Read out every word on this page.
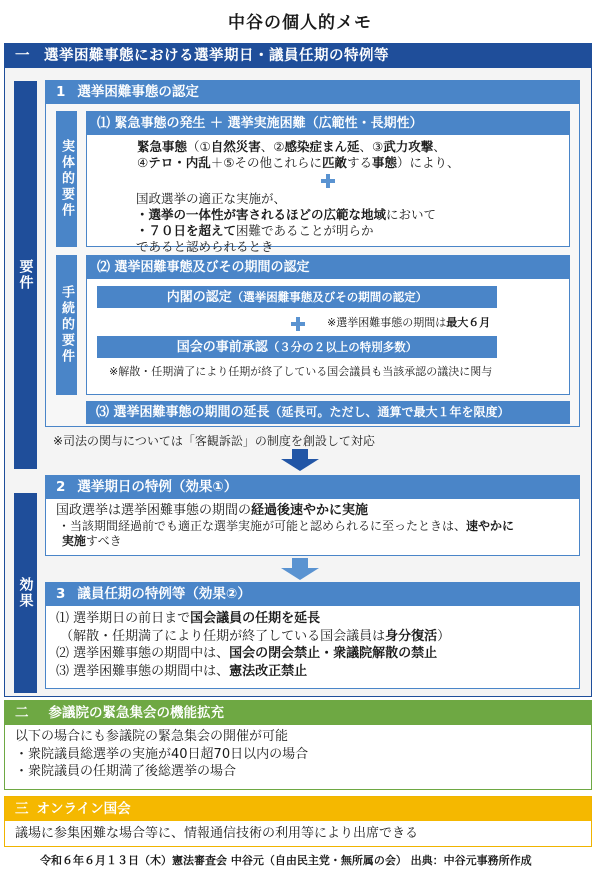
中谷の個人的メモ
一 選挙困難事態における選挙期日・議員任期の特例等
要件
効果
1 選挙困難事態の認定
実体的要件
手続的要件
⑴ 緊急事態の発生 ＋ 選挙実施困難（広範性・長期性）
緊急事態（①自然災害、②感染症まん延、③武力攻撃、
④テロ・内乱＋⑤その他これらに匹敵する事態）により、
国政選挙の適正な実施が、
・選挙の一体性が害されるほどの広範な地域において
・７０日を超えて困難であることが明らか
であると認められるとき
⑵ 選挙困難事態及びその期間の認定
内閣の認定（選挙困難事態及びその期間の認定）
※選挙困難事態の期間は最大６月
国会の事前承認（３分の２以上の特別多数）
※解散・任期満了により任期が終了している国会議員も当該承認の議決に関与
⑶ 選挙困難事態の期間の延長（延長可。ただし、通算で最大１年を限度）
※司法の関与については「客観訴訟」の制度を創設して対応
2 選挙期日の特例（効果①）
国政選挙は選挙困難事態の期間の経過後速やかに実施
・当該期間経過前でも適正な選挙実施が可能と認められるに至ったときは、速やかに
実施すべき
3 議員任期の特例等（効果②）
⑴ 選挙期日の前日まで国会議員の任期を延長
（解散・任期満了により任期が終了している国会議員は身分復活）
⑵ 選挙困難事態の期間中は、国会の閉会禁止・衆議院解散の禁止
⑶ 選挙困難事態の期間中は、憲法改正禁止
二 参議院の緊急集会の機能拡充
以下の場合にも参議院の緊急集会の開催が可能
・衆院議員総選挙の実施が40日超70日以内の場合
・衆院議員の任期満了後総選挙の場合
三 オンライン国会
議場に参集困難な場合等に、情報通信技術の利用等により出席できる
令和６年６月１３日（木）憲法審査会 中谷元（自由民主党・無所属の会） 出典：中谷元事務所作成
